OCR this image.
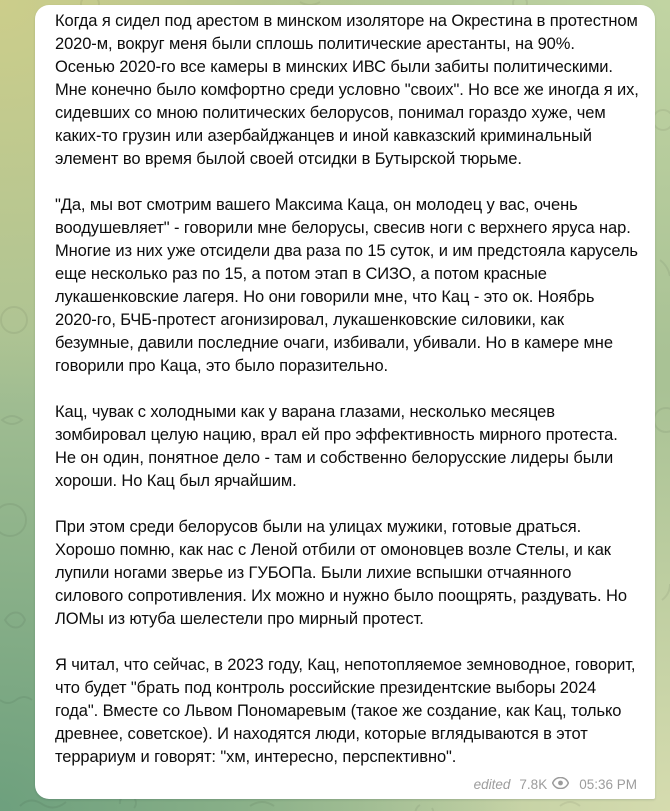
Когда я сидел под арестом в минском изоляторе на Окрестина в протестном 2020-м, вокруг меня были сплошь политические арестанты, на 90%. Осенью 2020-го все камеры в минских ИВС были забиты политическими. Мне конечно было комфортно среди условно "своих". Но все же иногда я их, сидевших со мною политических белорусов, понимал гораздо хуже, чем каких-то грузин или азербайджанцев и иной кавказский криминальный элемент во время былой своей отсидки в Бутырской тюрьме.

"Да, мы вот смотрим вашего Максима Каца, он молодец у вас, очень воодушевляет" - говорили мне белорусы, свесив ноги с верхнего яруса нар. Многие из них уже отсидели два раза по 15 суток, и им предстояла карусель еще несколько раз по 15, а потом этап в СИЗО, а потом красные лукашенковские лагеря. Но они говорили мне, что Кац - это ок. Ноябрь 2020-го, БЧБ-протест агонизировал, лукашенковские силовики, как безумные, давили последние очаги, избивали, убивали. Но в камере мне говорили про Каца, это было поразительно.

Кац, чувак с холодными как у варана глазами, несколько месяцев зомбировал целую нацию, врал ей про эффективность мирного протеста. Не он один, понятное дело - там и собственно белорусские лидеры были хороши. Но Кац был ярчайшим.

При этом среди белорусов были на улицах мужики, готовые драться. Хорошо помню, как нас с Леной отбили от омоновцев возле Стелы, и как лупили ногами зверье из ГУБОПа. Были лихие вспышки отчаянного силового сопротивления. Их можно и нужно было поощрять, раздувать. Но ЛОМы из ютуба шелестели про мирный протест.

Я читал, что сейчас, в 2023 году, Кац, непотопляемое земноводное, говорит, что будет "брать под контроль российские президентские выборы 2024 года". Вместе со Львом Пономаревым (такое же создание, как Кац, только древнее, советское). И находятся люди, которые вглядываются в этот террариум и говорят: "хм, интересно, перспективно".

edited 7.8K 05:36 PM
